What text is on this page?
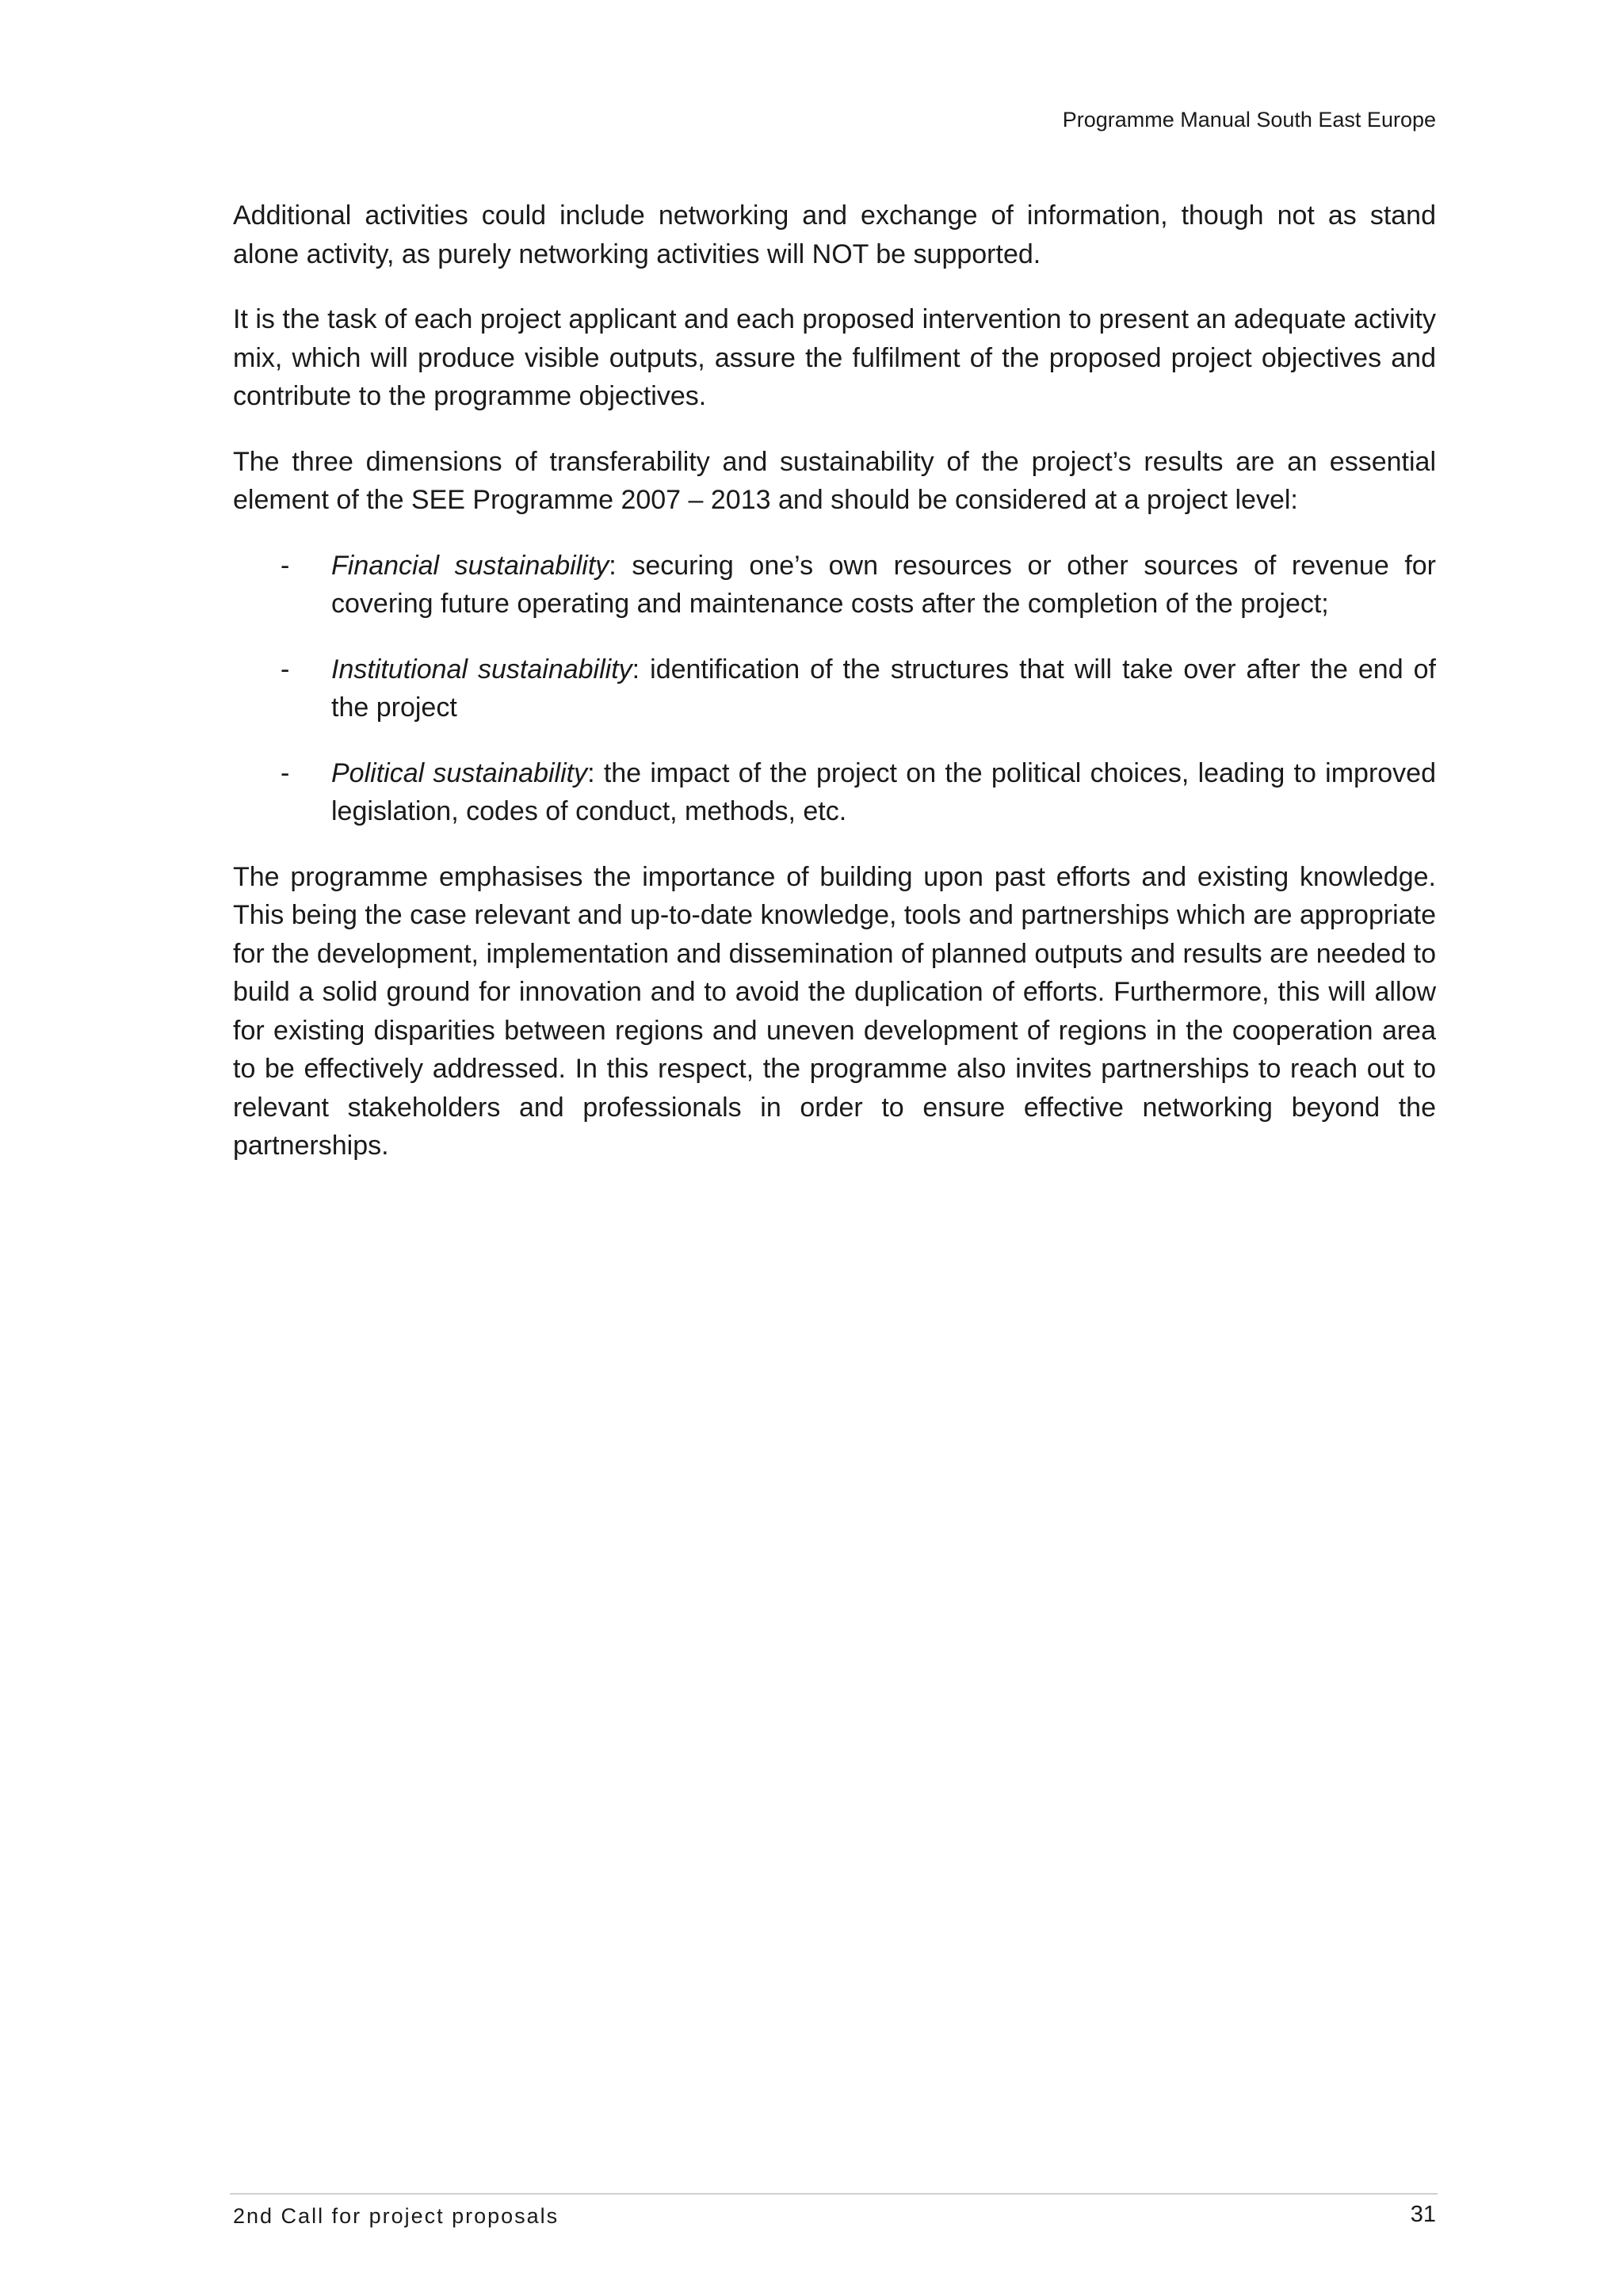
Programme Manual South East Europe

Additional activities could include networking and exchange of information, though not as stand alone activity, as purely networking activities will NOT be supported.

It is the task of each project applicant and each proposed intervention to present an adequate activity mix, which will produce visible outputs, assure the fulfilment of the proposed project objectives and contribute to the programme objectives.

The three dimensions of transferability and sustainability of the project’s results are an essential element of the SEE Programme 2007 – 2013 and should be considered at a project level:

- Financial sustainability: securing one’s own resources or other sources of revenue for covering future operating and maintenance costs after the completion of the project;
- Institutional sustainability: identification of the structures that will take over after the end of the project
- Political sustainability: the impact of the project on the political choices, leading to improved legislation, codes of conduct, methods, etc.

The programme emphasises the importance of building upon past efforts and existing knowledge. This being the case relevant and up-to-date knowledge, tools and partnerships which are appropriate for the development, implementation and dissemination of planned outputs and results are needed to build a solid ground for innovation and to avoid the duplication of efforts. Furthermore, this will allow for existing disparities between regions and uneven development of regions in the cooperation area to be effectively addressed. In this respect, the programme also invites partnerships to reach out to relevant stakeholders and professionals in order to ensure effective networking beyond the partnerships.

2nd Call for project proposals	31
